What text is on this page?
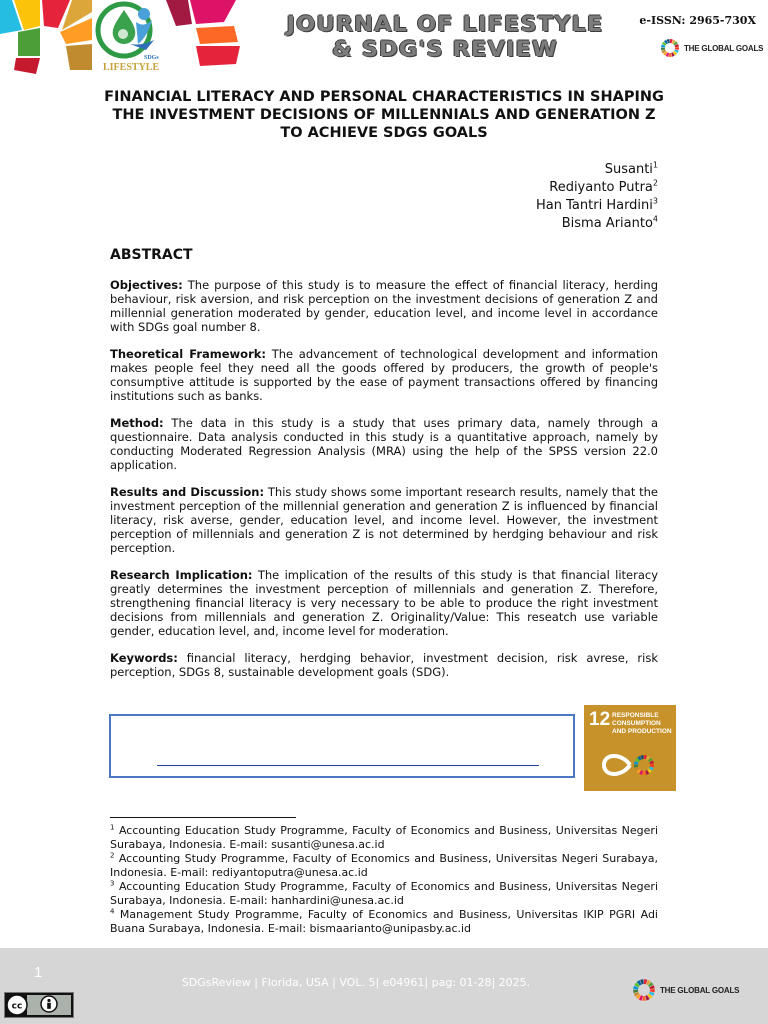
SDGs
LIFESTYLE
JOURNAL OF LIFESTYLE
& SDG'S REVIEW
e-ISSN: 2965-730X
THE GLOBAL GOALS
FINANCIAL LITERACY AND PERSONAL CHARACTERISTICS IN SHAPING THE INVESTMENT DECISIONS OF MILLENNIALS AND GENERATION Z TO ACHIEVE SDGS GOALS
Susanti$^1$
Rediyanto Putra$^2$
Han Tantri Hardini$^3$
Bisma Arianto$^4$
ABSTRACT

Objectives: The purpose of this study is to measure the effect of financial literacy, herding behaviour, risk aversion, and risk perception on the investment decisions of generation Z and millennial generation moderated by gender, education level, and income level in accordance with SDGs goal number 8.

Theoretical Framework: The advancement of technological development and information makes people feel they need all the goods offered by producers, the growth of people's consumptive attitude is supported by the ease of payment transactions offered by financing institutions such as banks.

Method: The data in this study is a study that uses primary data, namely through a questionnaire. Data analysis conducted in this study is a quantitative approach, namely by conducting Moderated Regression Analysis (MRA) using the help of the SPSS version 22.0 application.

Results and Discussion: This study shows some important research results, namely that the investment perception of the millennial generation and generation Z is influenced by financial literacy, risk averse, gender, education level, and income level. However, the investment perception of millennials and generation Z is not determined by herdging behaviour and risk perception.

Research Implication: The implication of the results of this study is that financial literacy greatly determines the investment perception of millennials and generation Z. Therefore, strengthening financial literacy is very necessary to be able to produce the right investment decisions from millennials and generation Z. Originality/Value: This reseatch use variable gender, education level, and, income level for moderation.

Keywords: financial literacy, herdging behavior, investment decision, risk avrese, risk perception, SDGs 8, sustainable development goals (SDG).

12 RESPONSIBLE
CONSUMPTION
AND PRODUCTION

$^1$ Accounting Education Study Programme, Faculty of Economics and Business, Universitas Negeri Surabaya, Indonesia. E-mail: susanti@unesa.ac.id

$^2$ Accounting Study Programme, Faculty of Economics and Business, Universitas Negeri Surabaya, Indonesia. E-mail: rediyantoputra@unesa.ac.id

$^3$ Accounting Education Study Programme, Faculty of Economics and Business, Universitas Negeri Surabaya, Indonesia. E-mail: hanhardini@unesa.ac.id

$^4$ Management Study Programme, Faculty of Economics and Business, Universitas IKIP PGRI Adi Buana Surabaya, Indonesia. E-mail: bismaarianto@unipasby.ac.id

1
SDGsReview | Florida, USA | VOL. 5| e04961| pag: 01-28| 2025.
THE GLOBAL GOALS
cc
